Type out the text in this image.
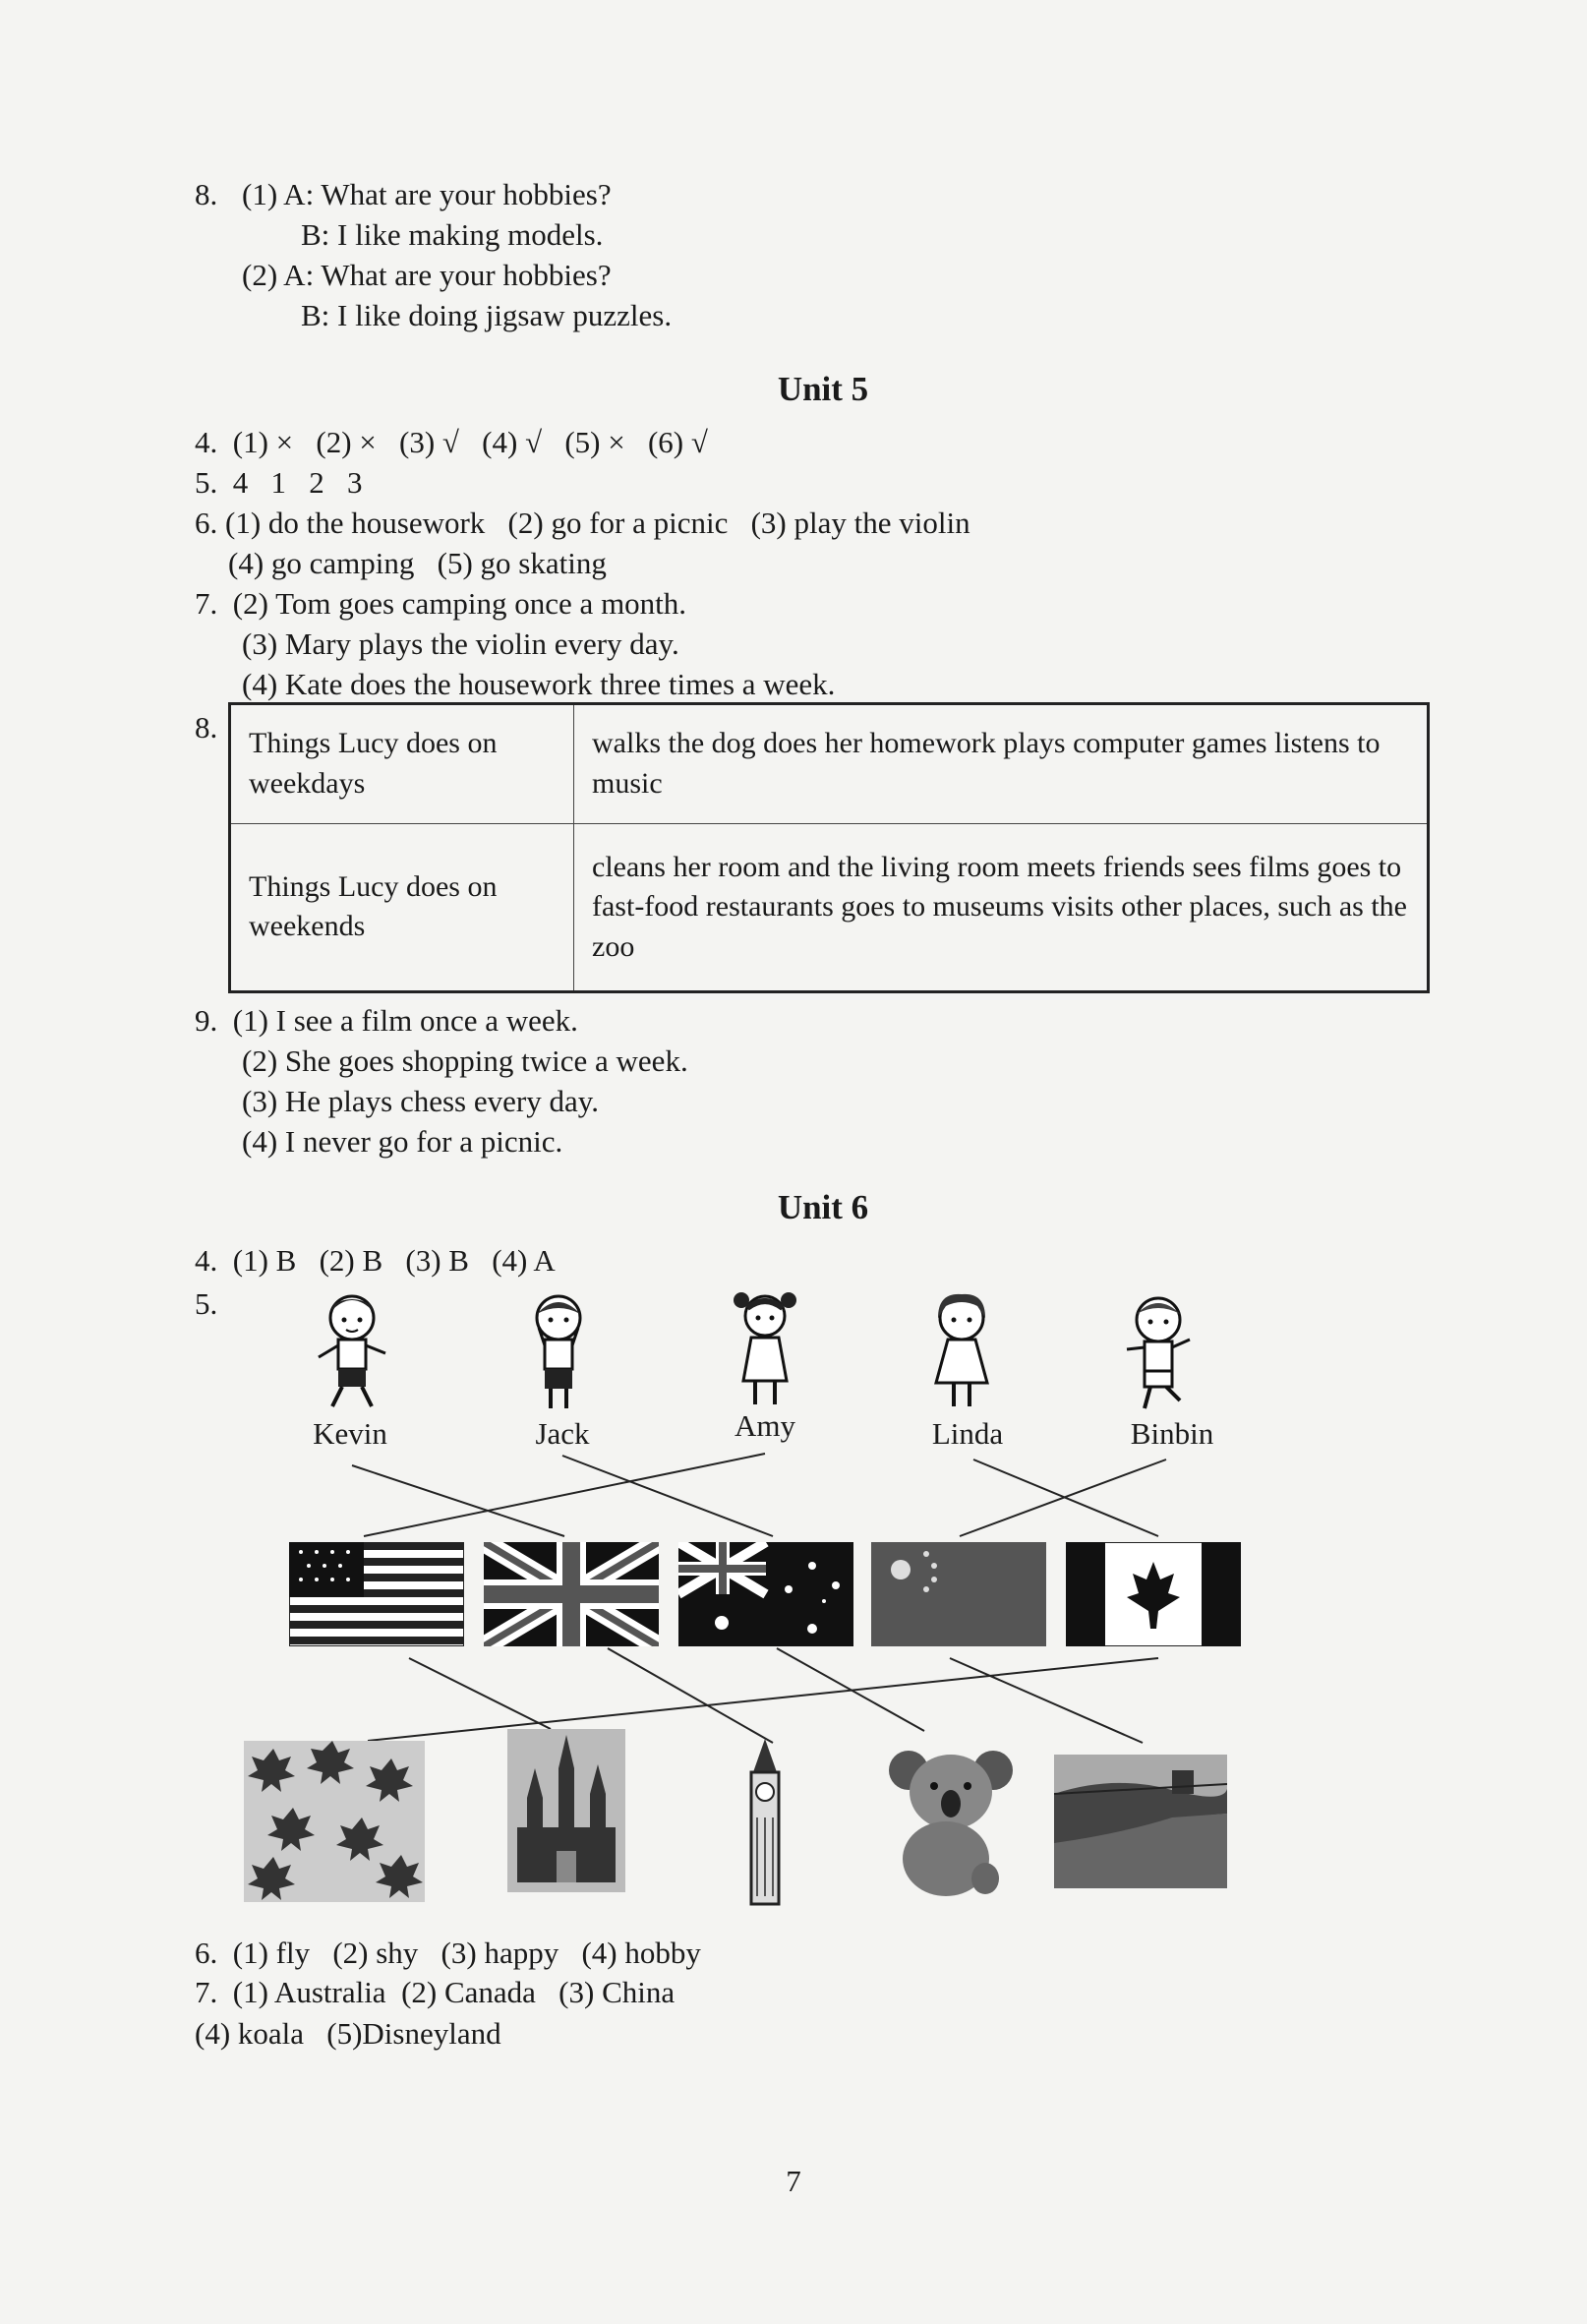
8. (1) A: What are your hobbies?
B: I like making models.
(2) A: What are your hobbies?
B: I like doing jigsaw puzzles.
Unit 5
4.  (1) ×   (2) ×   (3) √   (4) √   (5) ×   (6) √
5.  4   1   2   3
6. (1) do the housework   (2) go for a picnic   (3) play the violin
(4) go camping   (5) go skating
7.  (2) Tom goes camping once a month.
(3) Mary plays the violin every day.
(4) Kate does the housework three times a week.
8. Things Lucy does on weekdays	walks the dog does her homework plays computer games listens to music
Things Lucy does on weekends	cleans her room and the living room meets friends sees films goes to fast-food restaurants goes to museums visits other places, such as the zoo
9.  (1) I see a film once a week.
(2) She goes shopping twice a week.
(3) He plays chess every day.
(4) I never go for a picnic.
Unit 6
4.  (1) B   (2) B   (3) B   (4) A
5.
Kevin	Jack	Amy	Linda	Binbin
6.  (1) fly   (2) shy   (3) happy   (4) hobby
7.  (1) Australia  (2) Canada   (3) China
(4) koala   (5)Disneyland
7
